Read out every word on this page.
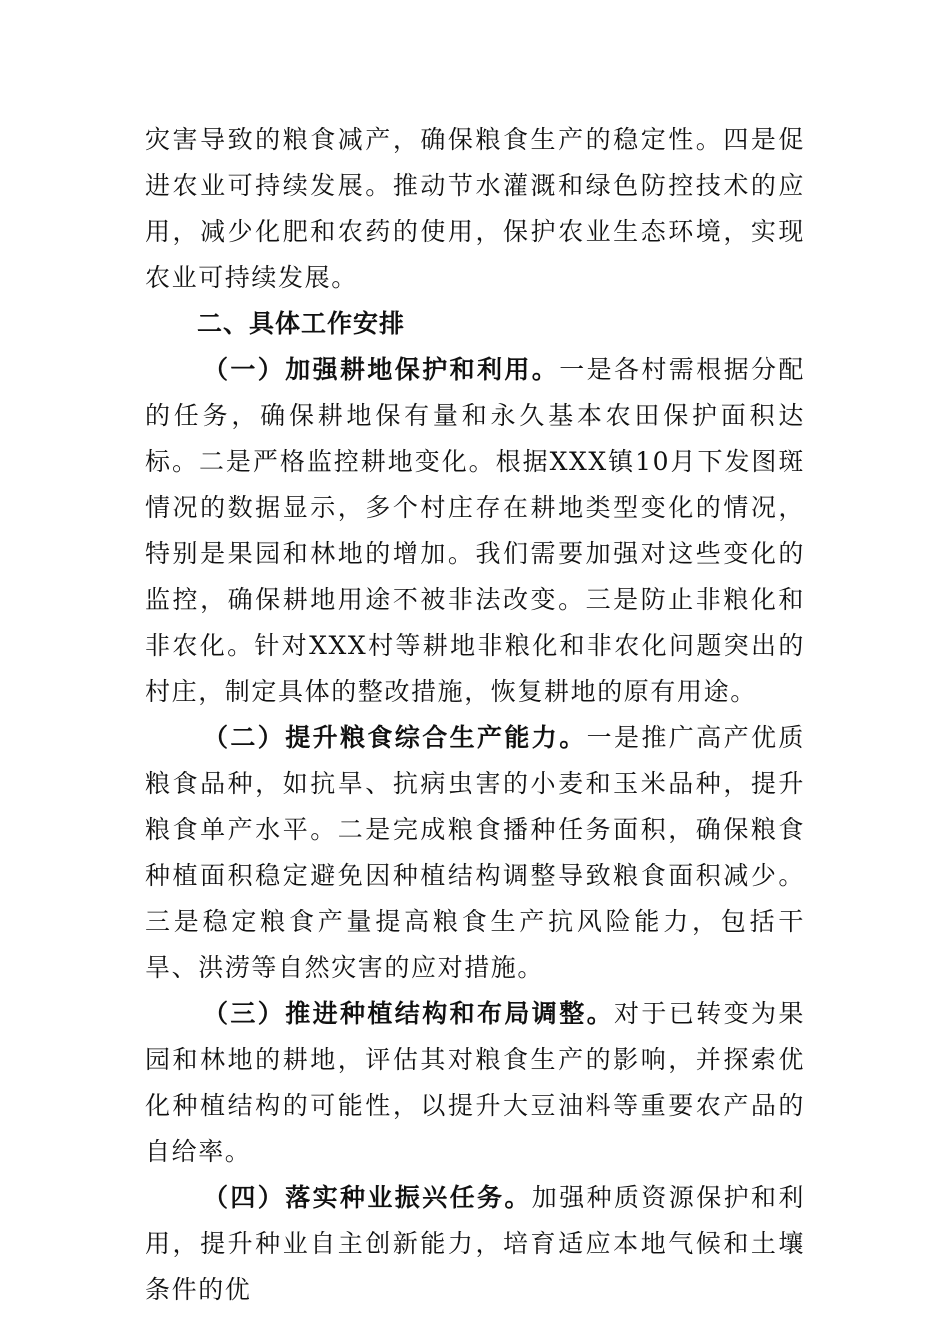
灾害导致的粮食减产，确保粮食生产的稳定性。四是促进农业可持续发展。推动节水灌溉和绿色防控技术的应用，减少化肥和农药的使用，保护农业生态环境，实现农业可持续发展。

二、具体工作安排

（一）加强耕地保护和利用。一是各村需根据分配的任务，确保耕地保有量和永久基本农田保护面积达标。二是严格监控耕地变化。根据XXX镇10月下发图斑情况的数据显示，多个村庄存在耕地类型变化的情况，特别是果园和林地的增加。我们需要加强对这些变化的监控，确保耕地用途不被非法改变。三是防止非粮化和非农化。针对XXX村等耕地非粮化和非农化问题突出的村庄，制定具体的整改措施，恢复耕地的原有用途。

（二）提升粮食综合生产能力。一是推广高产优质粮食品种，如抗旱、抗病虫害的小麦和玉米品种，提升粮食单产水平。二是完成粮食播种任务面积，确保粮食种植面积稳定避免因种植结构调整导致粮食面积减少。三是稳定粮食产量提高粮食生产抗风险能力，包括干旱、洪涝等自然灾害的应对措施。

（三）推进种植结构和布局调整。对于已转变为果园和林地的耕地，评估其对粮食生产的影响，并探索优化种植结构的可能性，以提升大豆油料等重要农产品的自给率。

（四）落实种业振兴任务。加强种质资源保护和利用，提升种业自主创新能力，培育适应本地气候和土壤条件的优
